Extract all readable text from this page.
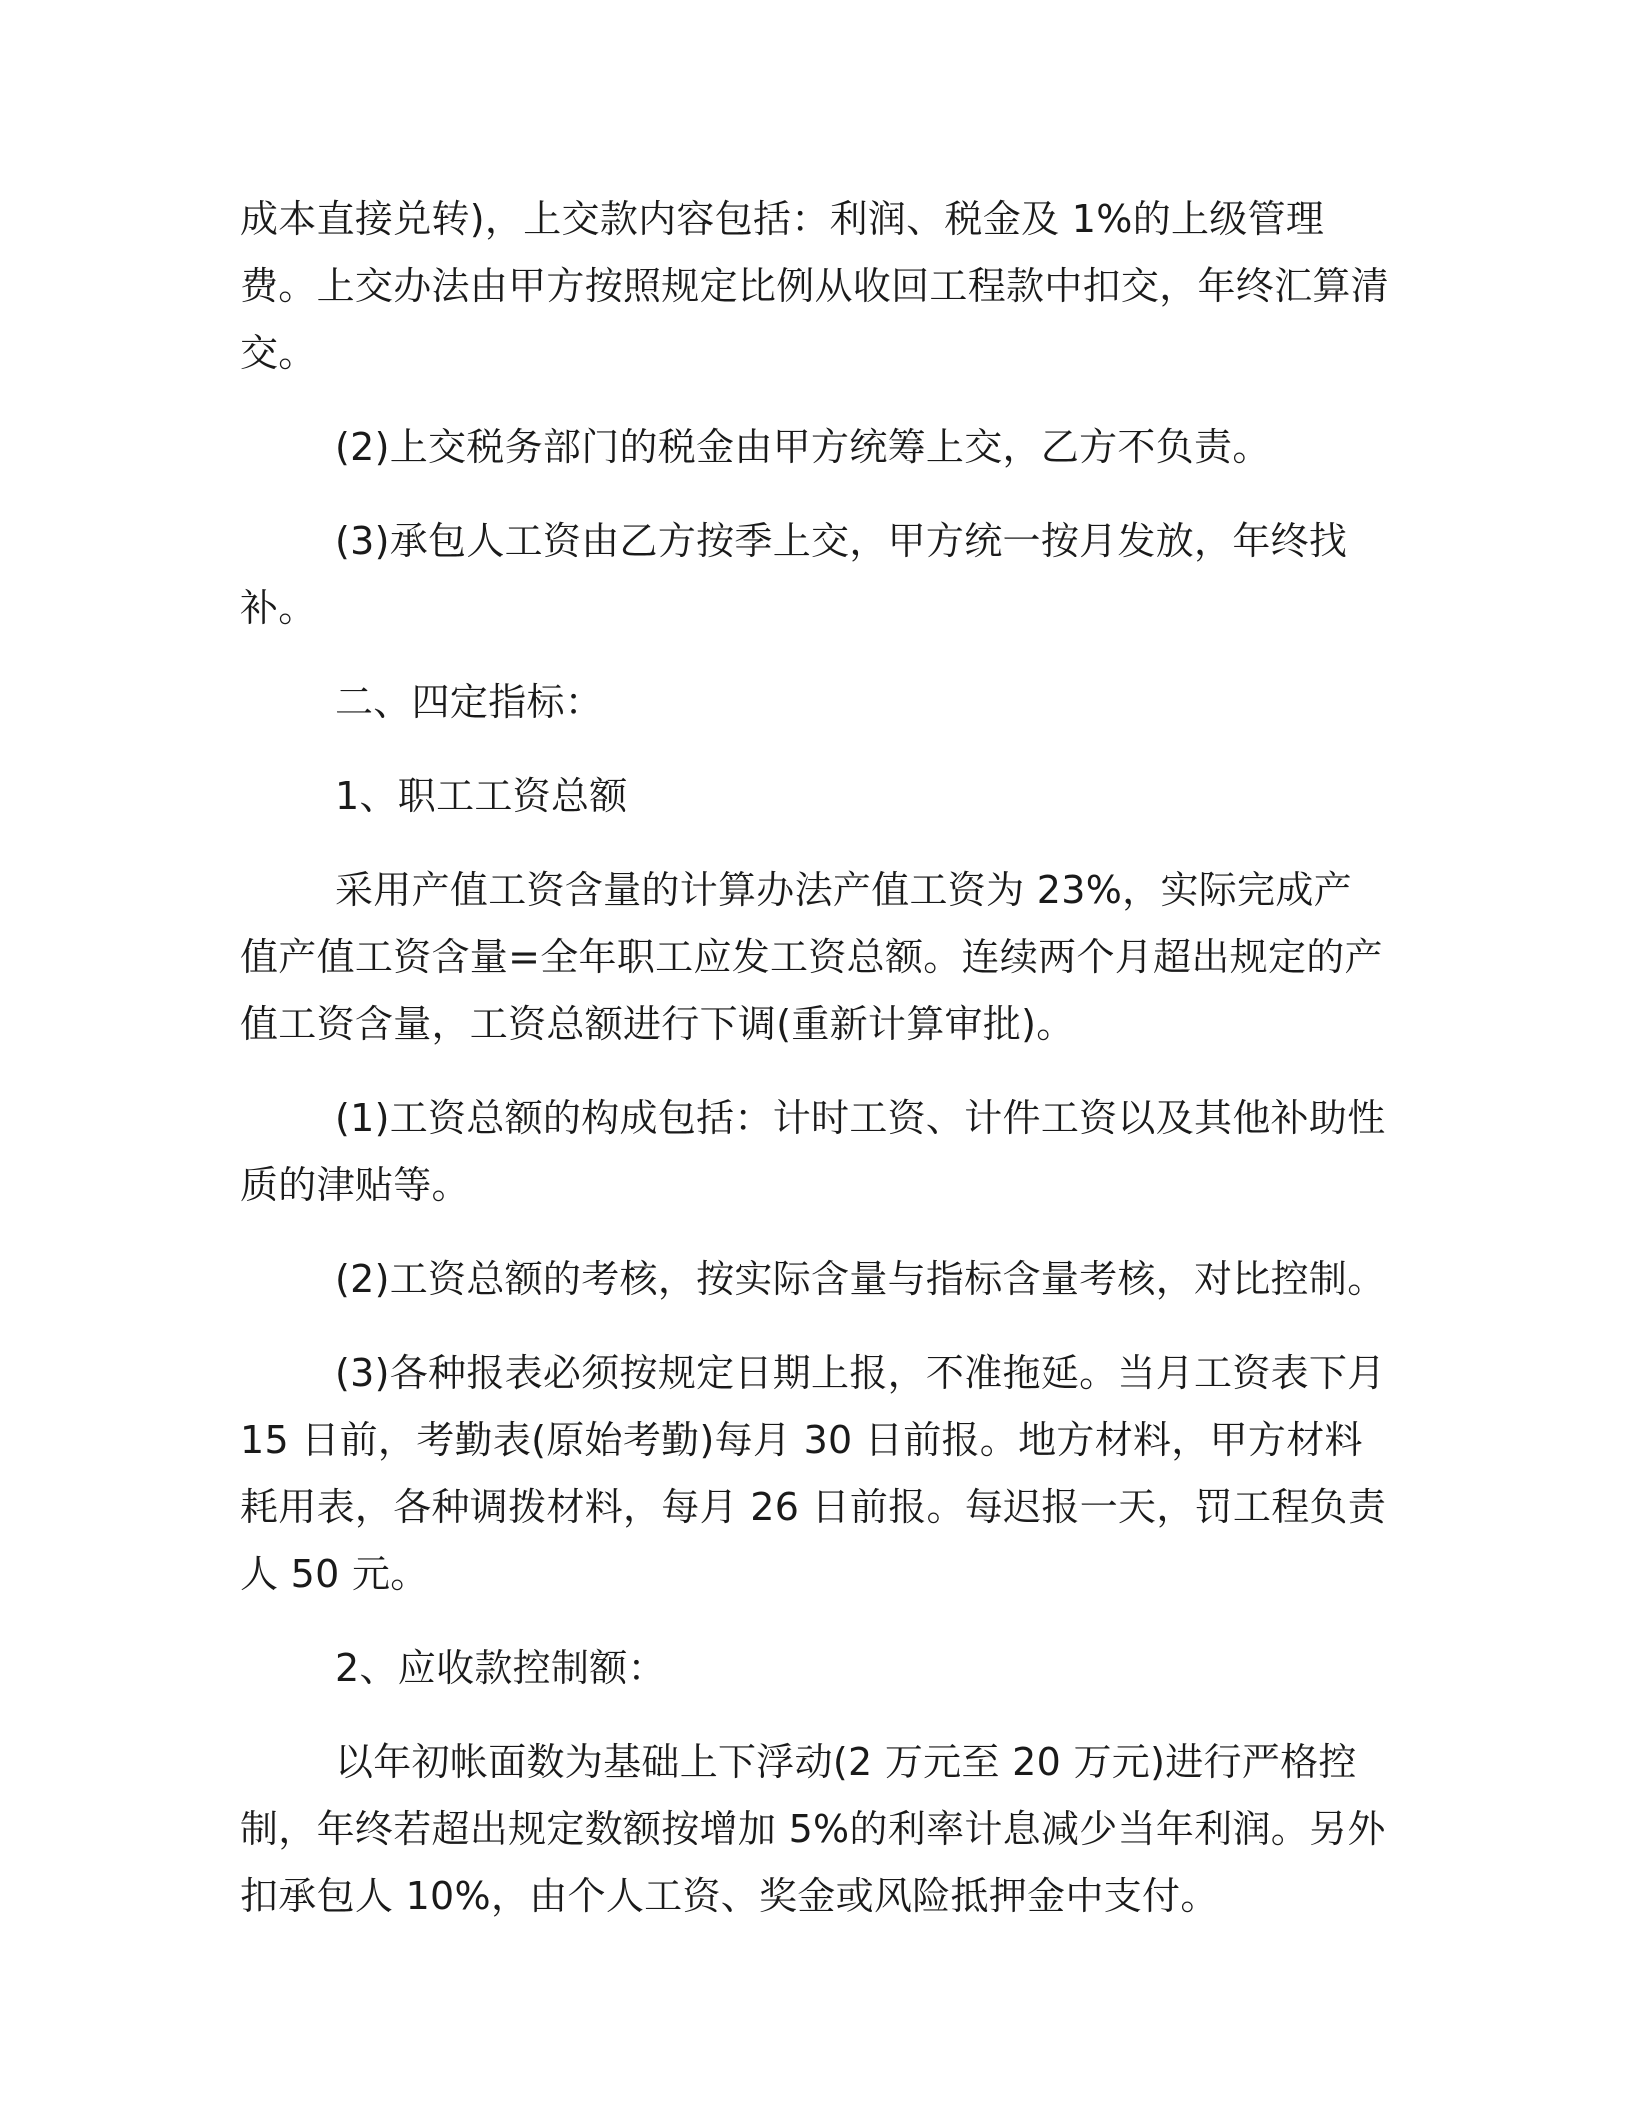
成本直接兑转)，上交款内容包括：利润、税金及 1%的上级管理费。上交办法由甲方按照规定比例从收回工程款中扣交，年终汇算清交。

(2)上交税务部门的税金由甲方统筹上交，乙方不负责。

(3)承包人工资由乙方按季上交，甲方统一按月发放，年终找补。

二、四定指标：

1、职工工资总额

采用产值工资含量的计算办法产值工资为 23%，实际完成产值产值工资含量=全年职工应发工资总额。连续两个月超出规定的产值工资含量，工资总额进行下调(重新计算审批)。

(1)工资总额的构成包括：计时工资、计件工资以及其他补助性质的津贴等。

(2)工资总额的考核，按实际含量与指标含量考核，对比控制。

(3)各种报表必须按规定日期上报，不准拖延。当月工资表下月 15 日前，考勤表(原始考勤)每月 30 日前报。地方材料，甲方材料耗用表，各种调拨材料，每月 26 日前报。每迟报一天，罚工程负责人 50 元。

2、应收款控制额：

以年初帐面数为基础上下浮动(2 万元至 20 万元)进行严格控制，年终若超出规定数额按增加 5%的利率计息减少当年利润。另外扣承包人 10%，由个人工资、奖金或风险抵押金中支付。
